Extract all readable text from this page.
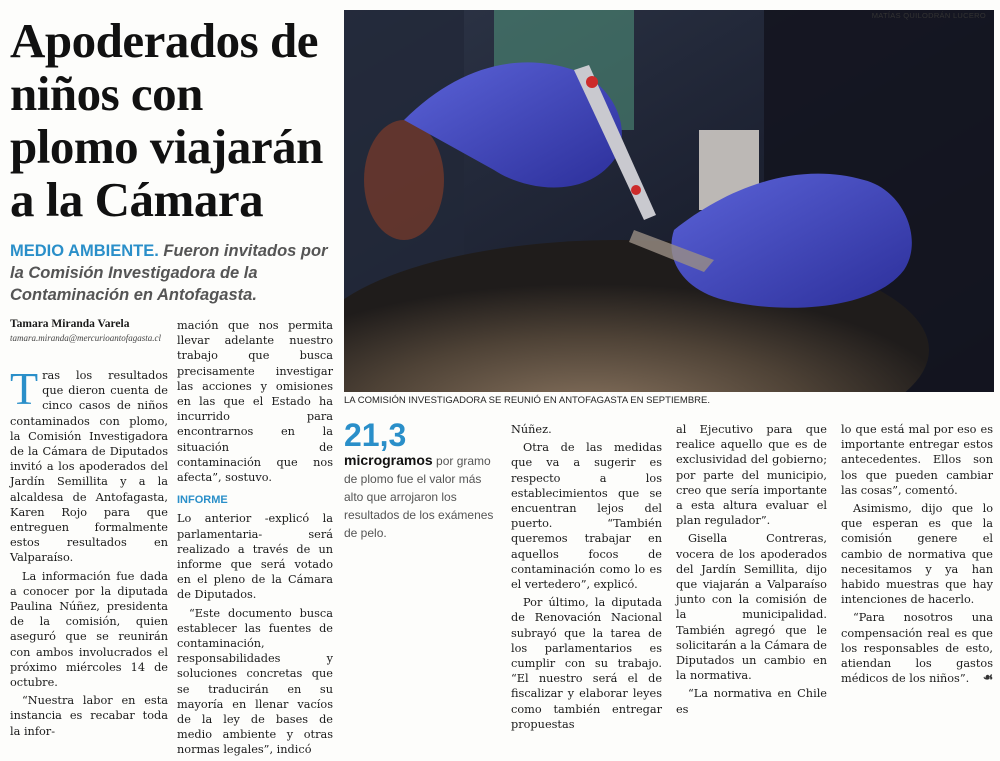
Apoderados de niños con plomo viajarán a la Cámara

MEDIO AMBIENTE. Fueron invitados por la Comisión Investigadora de la Contaminación en Antofagasta.

Tamara Miranda Varela
tamara.miranda@mercurioantofagasta.cl

Tras los resultados que dieron cuenta de cinco casos de niños contaminados con plomo, la Comisión Investigadora de la Cámara de Diputados invitó a los apoderados del Jardín Semillita y a la alcaldesa de Antofagasta, Karen Rojo para que entreguen formalmente estos resultados en Valparaíso.

La información fue dada a conocer por la diputada Paulina Núñez, presidenta de la comisión, quien aseguró que se reunirán con ambos involucrados el próximo miércoles 14 de octubre.

“Nuestra labor en esta instancia es recabar toda la infor-

mación que nos permita llevar adelante nuestro trabajo que busca precisamente investigar las acciones y omisiones en las que el Estado ha incurrido para encontrarnos en la situación de contaminación que nos afecta”, sostuvo.

INFORME

Lo anterior -explicó la parlamentaria- será realizado a través de un informe que será votado en el pleno de la Cámara de Diputados.

“Este documento busca establecer las fuentes de contaminación, responsabilidades y soluciones concretas que se traducirán en su mayoría en llenar vacíos de la ley de bases de medio ambiente y otras normas legales”, indicó

MATÍAS QUILODRÁN LUCERO
LA COMISIÓN INVESTIGADORA SE REUNIÓ EN ANTOFAGASTA EN SEPTIEMBRE.
21,3
microgramos por gramo de plomo fue el valor más alto que arrojaron los resultados de los exámenes de pelo.

Núñez.

Otra de las medidas que va a sugerir es respecto a los establecimientos que se encuentran lejos del puerto. “También queremos trabajar en aquellos focos de contaminación como lo es el vertedero”, explicó.

Por último, la diputada de Renovación Nacional subrayó que la tarea de los parlamentarios es cumplir con su trabajo. “El nuestro será el de fiscalizar y elaborar leyes como también entregar propuestas

al Ejecutivo para que realice aquello que es de exclusividad del gobierno; por parte del municipio, creo que sería importante a esta altura evaluar el plan regulador”.

Gisella Contreras, vocera de los apoderados del Jardín Semillita, dijo que viajarán a Valparaíso junto con la comisión de la municipalidad. También agregó que le solicitarán a la Cámara de Diputados un cambio en la normativa.

“La normativa en Chile es

lo que está mal por eso es importante entregar estos antecedentes. Ellos son los que pueden cambiar las cosas”, comentó.

Asimismo, dijo que lo que esperan es que la comisión genere el cambio de normativa que necesitamos y ya han habido muestras que hay intenciones de hacerlo.

“Para nosotros una compensación real es que los responsables de esto, atiendan los gastos médicos de los niños”.	☙
